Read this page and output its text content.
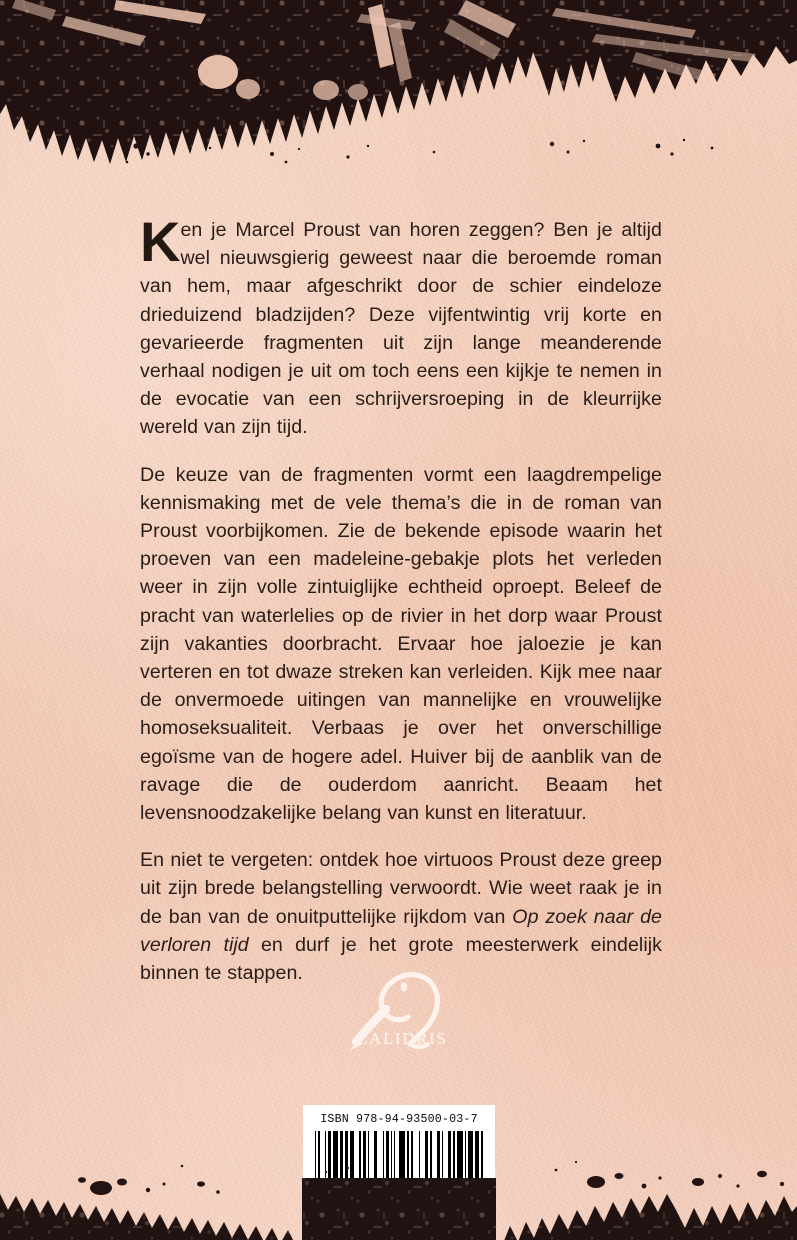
Ken je Marcel Proust van horen zeggen? Ben je altijd wel nieuwsgierig geweest naar die beroemde roman van hem, maar afgeschrikt door de schier eindeloze drieduizend bladzijden? Deze vijfentwintig vrij korte en gevarieerde fragmenten uit zijn lange meanderende verhaal nodigen je uit om toch eens een kijkje te nemen in de evocatie van een schrijversroeping in de kleurrijke wereld van zijn tijd.

De keuze van de fragmenten vormt een laagdrempelige kennismaking met de vele thema’s die in de roman van Proust voorbijkomen. Zie de bekende episode waarin het proeven van een madeleine-gebakje plots het verleden weer in zijn volle zintuiglijke echtheid oproept. Beleef de pracht van waterlelies op de rivier in het dorp waar Proust zijn vakanties doorbracht. Ervaar hoe jaloezie je kan verteren en tot dwaze streken kan verleiden. Kijk mee naar de onvermoede uitingen van mannelijke en vrouwelijke homoseksualiteit. Verbaas je over het onverschillige egoïsme van de hogere adel. Huiver bij de aanblik van de ravage die de ouderdom aanricht. Beaam het levensnoodzakelijke belang van kunst en literatuur.

En niet te vergeten: ontdek hoe virtuoos Proust deze greep uit zijn brede belangstelling verwoordt. Wie weet raak je in de ban van de onuitputtelijke rijkdom van Op zoek naar de verloren tijd en durf je het grote meesterwerk eindelijk binnen te stappen.

CALIDRIS
ISBN 978-94-93500-03-7
